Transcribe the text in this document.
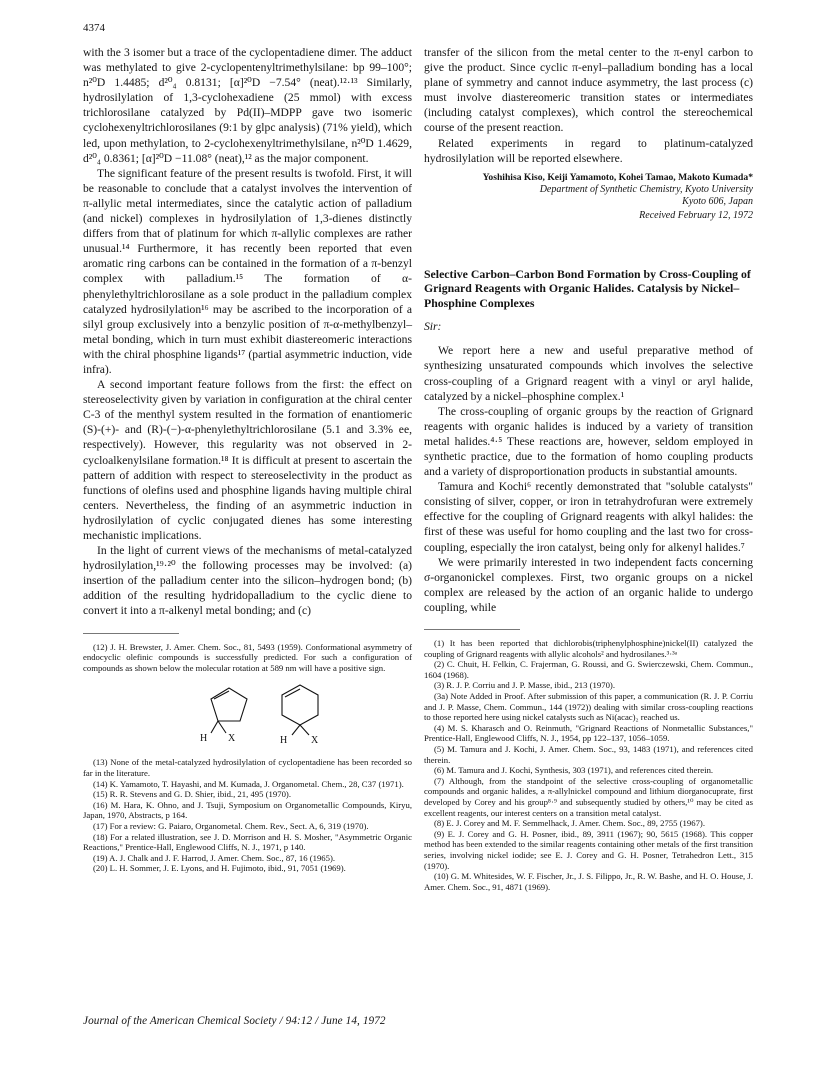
4374

with the 3 isomer but a trace of the cyclopentadiene dimer. The adduct was methylated to give 2-cyclopentenyltrimethylsilane: bp 99–100°; n²⁰D 1.4485; d²⁰₄ 0.8131; [α]²⁰D −7.54° (neat).¹²·¹³ Similarly, hydrosilylation of 1,3-cyclohexadiene (25 mmol) with excess trichlorosilane catalyzed by Pd(II)–MDPP gave two isomeric cyclohexenyltrichlorosilanes (9:1 by glpc analysis) (71% yield), which led, upon methylation, to 2-cyclohexenyltrimethylsilane, n²⁰D 1.4629, d²⁰₄ 0.8361; [α]²⁰D −11.08° (neat),¹² as the major component.

The significant feature of the present results is twofold. First, it will be reasonable to conclude that a catalyst involves the intervention of π-allylic metal intermediates, since the catalytic action of palladium (and nickel) complexes in hydrosilylation of 1,3-dienes distinctly differs from that of platinum for which π-allylic complexes are rather unusual.¹⁴ Furthermore, it has recently been reported that even aromatic ring carbons can be contained in the formation of a π-benzyl complex with palladium.¹⁵ The formation of α-phenylethyltrichlorosilane as a sole product in the palladium complex catalyzed hydrosilylation¹⁶ may be ascribed to the incorporation of a silyl group exclusively into a benzylic position of π-α-methylbenzyl–metal bonding, which in turn must exhibit diastereomeric interactions with the chiral phosphine ligands¹⁷ (partial asymmetric induction, vide infra).

A second important feature follows from the first: the effect on stereoselectivity given by variation in configuration at the chiral center C-3 of the menthyl system resulted in the formation of enantiomeric (S)-(+)- and (R)-(−)-α-phenylethyltrichlorosilane (5.1 and 3.3% ee, respectively). However, this regularity was not observed in 2-cycloalkenylsilane formation.¹⁸ It is difficult at present to ascertain the pattern of addition with respect to stereoselectivity in the product as functions of olefins used and phosphine ligands having multiple chiral centers. Nevertheless, the finding of an asymmetric induction in hydrosilylation of cyclic conjugated dienes has some interesting mechanistic implications.

In the light of current views of the mechanisms of metal-catalyzed hydrosilylation,¹⁹·²⁰ the following processes may be involved: (a) insertion of the palladium center into the silicon–hydrogen bond; (b) addition of the resulting hydridopalladium to the cyclic diene to convert it into a π-alkenyl metal bonding; and (c)

(12) J. H. Brewster, J. Amer. Chem. Soc., 81, 5493 (1959). Conformational asymmetry of endocyclic olefinic compounds is successfully predicted. For such a configuration of compounds as shown below the molecular rotation at 589 nm will have a positive sign.

H X	H X

(13) None of the metal-catalyzed hydrosilylation of cyclopentadiene has been recorded so far in the literature.

(14) K. Yamamoto, T. Hayashi, and M. Kumada, J. Organometal. Chem., 28, C37 (1971).

(15) R. R. Stevens and G. D. Shier, ibid., 21, 495 (1970).

(16) M. Hara, K. Ohno, and J. Tsuji, Symposium on Organometallic Compounds, Kiryu, Japan, 1970, Abstracts, p 164.

(17) For a review: G. Paiaro, Organometal. Chem. Rev., Sect. A, 6, 319 (1970).

(18) For a related illustration, see J. D. Morrison and H. S. Mosher, "Asymmetric Organic Reactions," Prentice-Hall, Englewood Cliffs, N. J., 1971, p 140.

(19) A. J. Chalk and J. F. Harrod, J. Amer. Chem. Soc., 87, 16 (1965).

(20) L. H. Sommer, J. E. Lyons, and H. Fujimoto, ibid., 91, 7051 (1969).

transfer of the silicon from the metal center to the π-enyl carbon to give the product. Since cyclic π-enyl–palladium bonding has a local plane of symmetry and cannot induce asymmetry, the last process (c) must involve diastereomeric transition states or intermediates (including catalyst complexes), which control the stereochemical course of the present reaction.

Related experiments in regard to platinum-catalyzed hydrosilylation will be reported elsewhere.

Yoshihisa Kiso, Keiji Yamamoto, Kohei Tamao, Makoto Kumada*

Department of Synthetic Chemistry, Kyoto University

Kyoto 606, Japan

Received February 12, 1972

Selective Carbon–Carbon Bond Formation by Cross-Coupling of Grignard Reagents with Organic Halides. Catalysis by Nickel–Phosphine Complexes

Sir:

We report here a new and useful preparative method of synthesizing unsaturated compounds which involves the selective cross-coupling of a Grignard reagent with a vinyl or aryl halide, catalyzed by a nickel–phosphine complex.¹

The cross-coupling of organic groups by the reaction of Grignard reagents with organic halides is induced by a variety of transition metal halides.⁴·⁵ These reactions are, however, seldom employed in synthetic practice, due to the formation of homo coupling products and a variety of disproportionation products in substantial amounts.

Tamura and Kochi⁶ recently demonstrated that "soluble catalysts" consisting of silver, copper, or iron in tetrahydrofuran were extremely effective for the coupling of Grignard reagents with alkyl halides: the first of these was useful for homo coupling and the last two for cross-coupling, especially the iron catalyst, being only for alkenyl halides.⁷

We were primarily interested in two independent facts concerning σ-organonickel complexes. First, two organic groups on a nickel complex are released by the action of an organic halide to undergo coupling, while

(1) It has been reported that dichlorobis(triphenylphosphine)nickel(II) catalyzed the coupling of Grignard reagents with allylic alcohols² and hydrosilanes.³·³ᵃ

(2) C. Chuit, H. Felkin, C. Frajerman, G. Roussi, and G. Swierczewski, Chem. Commun., 1604 (1968).

(3) R. J. P. Corriu and J. P. Masse, ibid., 213 (1970).

(3a) Note Added in Proof. After submission of this paper, a communication (R. J. P. Corriu and J. P. Masse, Chem. Commun., 144 (1972)) dealing with similar cross-coupling reactions to those reported here using nickel catalysts such as Ni(acac)₂ reached us.

(4) M. S. Kharasch and O. Reinmuth, "Grignard Reactions of Nonmetallic Substances," Prentice-Hall, Englewood Cliffs, N. J., 1954, pp 122–137, 1056–1059.

(5) M. Tamura and J. Kochi, J. Amer. Chem. Soc., 93, 1483 (1971), and references cited therein.

(6) M. Tamura and J. Kochi, Synthesis, 303 (1971), and references cited therein.

(7) Although, from the standpoint of the selective cross-coupling of organometallic compounds and organic halides, a π-allylnickel compound and lithium diorganocuprate, first developed by Corey and his group⁸·⁹ and subsequently studied by others,¹⁰ may be cited as excellent reagents, our interest centers on a transition metal catalyst.

(8) E. J. Corey and M. F. Semmelhack, J. Amer. Chem. Soc., 89, 2755 (1967).

(9) E. J. Corey and G. H. Posner, ibid., 89, 3911 (1967); 90, 5615 (1968). This copper method has been extended to the similar reagents containing other metals of the first transition series, involving nickel iodide; see E. J. Corey and G. H. Posner, Tetrahedron Lett., 315 (1970).

(10) G. M. Whitesides, W. F. Fischer, Jr., J. S. Filippo, Jr., R. W. Bashe, and H. O. House, J. Amer. Chem. Soc., 91, 4871 (1969).

Journal of the American Chemical Society / 94:12 / June 14, 1972
